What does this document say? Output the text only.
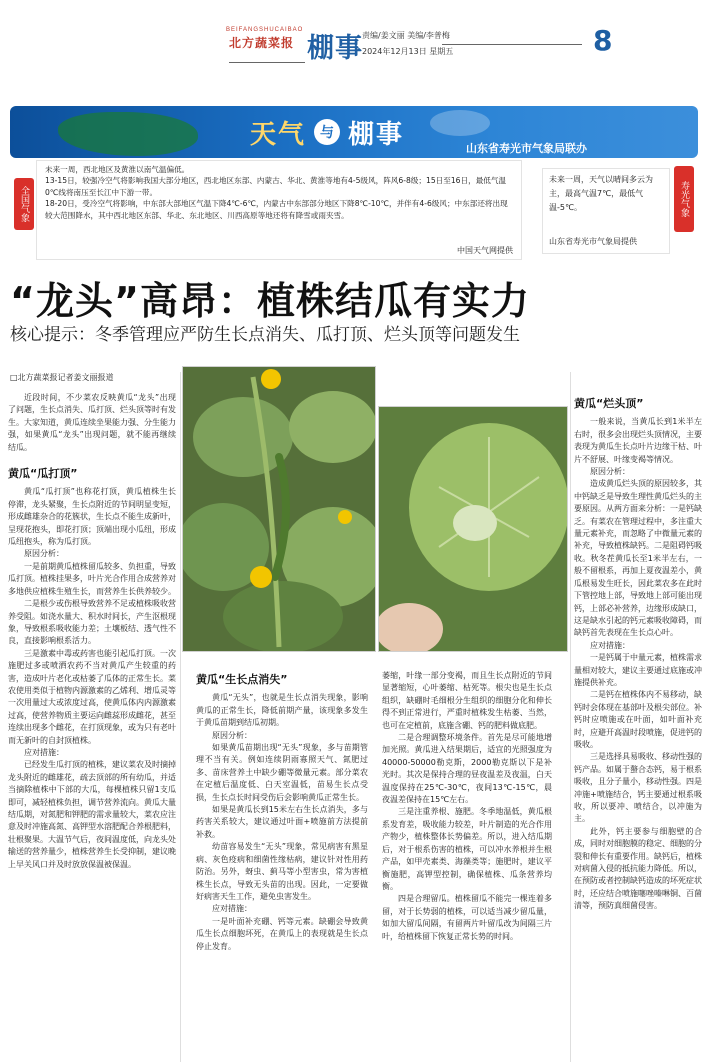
BEIFANGSHUCAIBAO
北方蔬菜报 棚事 责编/姜文丽 美编/李普梅
2024年12月13日 星期五	8
天气	与 棚事	山东省寿光市气象局联办
全国气象

未来一周，西北地区及黄淮以南气温偏低。

13-15日，较强冷空气将影响我国大部分地区，西北地区东部、内蒙古、华北、黄淮等地有4-5级风，阵风6-8级；15日至16日，最低气温0℃线将南压至长江中下游一带。

18-20日，受冷空气将影响，中东部大部地区气温下降4℃-6℃，内蒙古中东部部分地区下降8℃-10℃，并伴有4-6级风；中东部还将出现较大范围降水，其中西北地区东部、华北、东北地区、川西高原等地还将有降雪或雨夹雪。

中国天气网提供
未来一周，天气以晴间多云为主，最高气温7℃，最低气温-5℃。
山东省寿光市气象局提供
寿光气象
“龙头”高昂：植株结瓜有实力
核心提示：冬季管理应严防生长点消失、瓜打顶、烂头顶等问题发生
□北方蔬菜报记者姜文丽报道

近段时间，不少菜农反映黄瓜“龙头”出现了问题，生长点消失、瓜打顶、烂头顶等时有发生。大家知道，黄瓜连续坐果能力强、分生能力强，如果黄瓜“龙头”出现问题，就不能再继续结瓜。

黄瓜“瓜打顶”

黄瓜“瓜打顶”也称花打顶，黄瓜植株生长停滞，龙头紧聚，生长点附近的节间明显变短，形成雌雄杂合的花簇状，生长点不能生成新叶，呈现花抱头，即花打顶；顶端出现小瓜纽，形成瓜纽抱头，称为瓜打顶。

原因分析：

一是前期黄瓜植株留瓜较多、负担重，导致瓜打顶。植株挂果多，叶片光合作用合成营养对多地供应植株生殖生长，而营养生长供养较少。

二是根少或伤根导致营养不足或植株吸收营养受阻。如浇水量大、积水时间长，产生沤根现象，导致根系吸收能力差；土壤板结、透气性不良，直接影响根系活力。

三是激素中毒或药害也能引起瓜打顶。一次施肥过多或喷洒农药不当对黄瓜产生较重的药害，造成叶片老化或枯萎了瓜体的正常生长。菜农使用类似于植物内源激素的乙烯利、增瓜灵等一次用量过大或浓度过高，使黄瓜体内内源激素过高，使营养物质主要运向雌蕊形成雌花，甚至连续出现多个雌花，在打顶现象，或为只有老叶而无新叶的自封顶植株。

应对措施：

已经发生瓜打顶的植株，建议菜农及时摘掉龙头附近的雌雄花，疏去顶部的所有幼瓜，并适当摘除植株中下部的大瓜，每棵植株只留1支瓜即可，减轻植株负担，调节营养流向。黄瓜大量结瓜期，对氮肥和钾肥的需求量较大，菜农应注意及时冲施高氮、高钾型水溶肥配合养根肥料，壮根聚果。大温节气后，夜间温度低，向龙头处输送的营养量少，植株营养生长受抑制，建议晚上早关风口并及时放放保温被保温。

黄瓜“生长点消失”

黄瓜“无头”，也就是生长点消失现象，影响黄瓜的正常生长，降低前期产量，该现象多发生于黄瓜苗期到结瓜初期。

原因分析：

如果黄瓜苗期出现“无头”现象，多与苗期管理不当有关。例如连续阴雨寡照天气、氮肥过多、苗床营养土中缺少硼等微量元素。部分菜农在定植后温度低、白天室温低，苗易生长点受损，生长点长时间受伤后会影响黄瓜正常生长。

如果是黄瓜长到15米左右生长点消失，多与药害关系较大，建议通过叶面+喷施前方法提前补救。

幼苗容易发生“无头”现象，常见病害有黑星病、灰色疫病和细菌性缘枯病，建议针对性用药防治。另外，蚜虫、蓟马等小型害虫，常为害植株生长点，导致无头苗的出现。因此，一定要做好病害天生工作，避免虫害发生。

应对措施：

一是叶面补充硼、钙等元素。缺硼会导致黄瓜生长点细胞坏死，在黄瓜上的表现就是生长点停止发育。

萎缩，叶缘一部分变褐，而且生长点附近的节间显著缩短，心叶萎缩、枯死等。根尖也是生长点组织，缺硼时毛细根分生组织的细胞分化和伸长得不到正常进行，严重时植株发生枯萎、当然，也可在定植前，底施含硼、钙的肥料做底肥。

二是合理调整环境条件。首先是尽可能地增加光照。黄瓜进入结果期后，适宜的光照强度为40000-50000勒克斯，2000勒克斯以下是补光时。其次是保持合理的昼夜温差及夜温，白天温度保持在25℃-30℃，夜间13℃-15℃，晨夜温差保持在15℃左右。

三是注重养根、施肥。冬季地温低，黄瓜根系发育差，吸收能力较差，叶片制造的光合作用产物少，植株整体长势偏差。所以，进入结瓜期后，对于根系伤害的植株，可以冲水养根并生根产品，如甲壳素类、海藻类等；施肥时，建议平衡施肥，高钾型控制，确保植株、瓜条营养均衡。

四是合理留瓜。植株留瓜不能完一棵连着多留，对于长势弱的植株，可以适当减少留瓜量，如加大留瓜间隔，有留两片叶留瓜改为间隔三片叶，给植株留下恢复正常长势的时间。

黄瓜“烂头顶”

一般来说，当黄瓜长到1米半左右时，很多会出现烂头顶情况，主要表现为黄瓜生长点叶片边缘干枯、叶片不舒展、叶缘变褐等情况。

原因分析：

造成黄瓜烂头顶的原因较多，其中钙缺乏是导致生理性黄瓜烂头的主要原因。从两方面来分析：一是钙缺乏。有菜农在管理过程中，多注重大量元素补充，而忽略了中微量元素的补充，导致植株缺钙。二是阻碍钙吸收。秋冬茬黄瓜长至1米半左右，一般不留根系，再加上夏夜温差小，黄瓜根易发生旺长，因此菜农多在此时下管控地上部，导致地上部可能出现钙，上部必补营养，边缘形成缺口，这是缺水引起的钙元素吸收障碍，而缺钙首先表现在生长点心叶。

应对措施：

一是钙属于中量元素，植株需求量相对较大，建议主要通过底施或冲施提供补充。

二是钙在植株体内不易移动，缺钙时会体现在基部叶及根尖部位。补钙时应喷施或在叶面，如叶面补充时，应避开高温时段喷施，促进钙的吸收。

三是选择具易吸收、移动性强的钙产品。如属于螯合态钙，易于根系吸收，且分子量小，移动性强。四是冲施+喷施结合，钙主要通过根系吸收，所以要冲、喷结合，以冲施为主。

此外，钙主要参与细胞壁的合成，同时对细胞膜的稳定、细胞的分裂和伸长有重要作用。缺钙后，植株对病菌入侵的抵抗能力降低。所以，在预防或者控制缺钙造成的坏死症状时，还应结合喷施噻唑嗪啉铜、百菌清等，预防真细菌侵害。
